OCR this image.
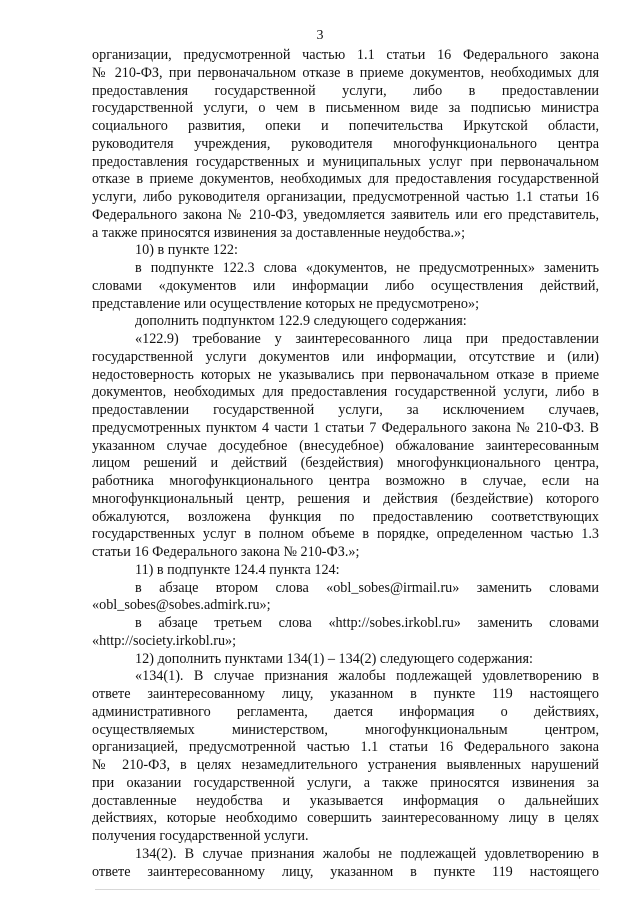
3
организации, предусмотренной частью 1.1 статьи 16 Федерального закона
№ 210-ФЗ, при первоначальном отказе в приеме документов, необходимых для
предоставления государственной услуги, либо в предоставлении
государственной услуги, о чем в письменном виде за подписью министра
социального развития, опеки и попечительства Иркутской области,
руководителя учреждения, руководителя многофункционального центра
предоставления государственных и муниципальных услуг при первоначальном
отказе в приеме документов, необходимых для предоставления государственной
услуги, либо руководителя организации, предусмотренной частью 1.1 статьи 16
Федерального закона № 210-ФЗ, уведомляется заявитель или его представитель,
а также приносятся извинения за доставленные неудобства.»;
10) в пункте 122:
в подпункте 122.3 слова «документов, не предусмотренных» заменить
словами «документов или информации либо осуществления действий,
представление или осуществление которых не предусмотрено»;
дополнить подпунктом 122.9 следующего содержания:
«122.9) требование у заинтересованного лица при предоставлении
государственной услуги документов или информации, отсутствие и (или)
недостоверность которых не указывались при первоначальном отказе в приеме
документов, необходимых для предоставления государственной услуги, либо в
предоставлении государственной услуги, за исключением случаев,
предусмотренных пунктом 4 части 1 статьи 7 Федерального закона № 210-ФЗ. В
указанном случае досудебное (внесудебное) обжалование заинтересованным
лицом решений и действий (бездействия) многофункционального центра,
работника многофункционального центра возможно в случае, если на
многофункциональный центр, решения и действия (бездействие) которого
обжалуются, возложена функция по предоставлению соответствующих
государственных услуг в полном объеме в порядке, определенном частью 1.3
статьи 16 Федерального закона № 210-ФЗ.»;
11) в подпункте 124.4 пункта 124:
в абзаце втором слова «obl_sobes@irmail.ru» заменить словами
«obl_sobes@sobes.admirk.ru»;
в абзаце третьем слова «http://sobes.irkobl.ru» заменить словами
«http://society.irkobl.ru»;
12) дополнить пунктами 134(1) – 134(2) следующего содержания:
«134(1). В случае признания жалобы подлежащей удовлетворению в
ответе заинтересованному лицу, указанном в пункте 119 настоящего
административного регламента, дается информация о действиях,
осуществляемых министерством, многофункциональным центром,
организацией, предусмотренной частью 1.1 статьи 16 Федерального закона
№ 210-ФЗ, в целях незамедлительного устранения выявленных нарушений
при оказании государственной услуги, а также приносятся извинения за
доставленные неудобства и указывается информация о дальнейших
действиях, которые необходимо совершить заинтересованному лицу в целях
получения государственной услуги.
134(2). В случае признания жалобы не подлежащей удовлетворению в
ответе заинтересованному лицу, указанном в пункте 119 настоящего
